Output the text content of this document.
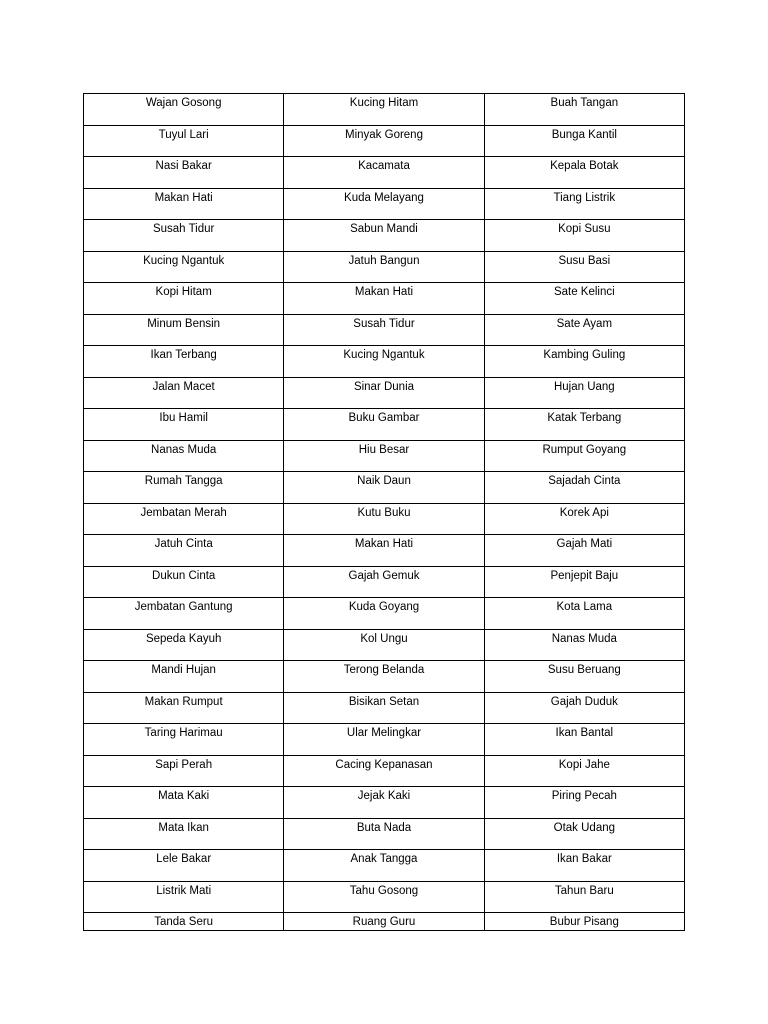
Wajan Gosong	Kucing Hitam	Buah Tangan

Tuyul Lari	Minyak Goreng	Bunga Kantil

Nasi Bakar	Kacamata	Kepala Botak

Makan Hati	Kuda Melayang	Tiang Listrik

Susah Tidur	Sabun Mandi	Kopi Susu

Kucing Ngantuk	Jatuh Bangun	Susu Basi

Kopi Hitam	Makan Hati	Sate Kelinci

Minum Bensin	Susah Tidur	Sate Ayam

Ikan Terbang	Kucing Ngantuk	Kambing Guling

Jalan Macet	Sinar Dunia	Hujan Uang

Ibu Hamil	Buku Gambar	Katak Terbang

Nanas Muda	Hiu Besar	Rumput Goyang

Rumah Tangga	Naik Daun	Sajadah Cinta

Jembatan Merah	Kutu Buku	Korek Api

Jatuh Cinta	Makan Hati	Gajah Mati

Dukun Cinta	Gajah Gemuk	Penjepit Baju

Jembatan Gantung	Kuda Goyang	Kota Lama

Sepeda Kayuh	Kol Ungu	Nanas Muda

Mandi Hujan	Terong Belanda	Susu Beruang

Makan Rumput	Bisikan Setan	Gajah Duduk

Taring Harimau	Ular Melingkar	Ikan Bantal

Sapi Perah	Cacing Kepanasan	Kopi Jahe

Mata Kaki	Jejak Kaki	Piring Pecah

Mata Ikan	Buta Nada	Otak Udang

Lele Bakar	Anak Tangga	Ikan Bakar

Listrik Mati	Tahu Gosong	Tahun Baru

Tanda Seru	Ruang Guru	Bubur Pisang
